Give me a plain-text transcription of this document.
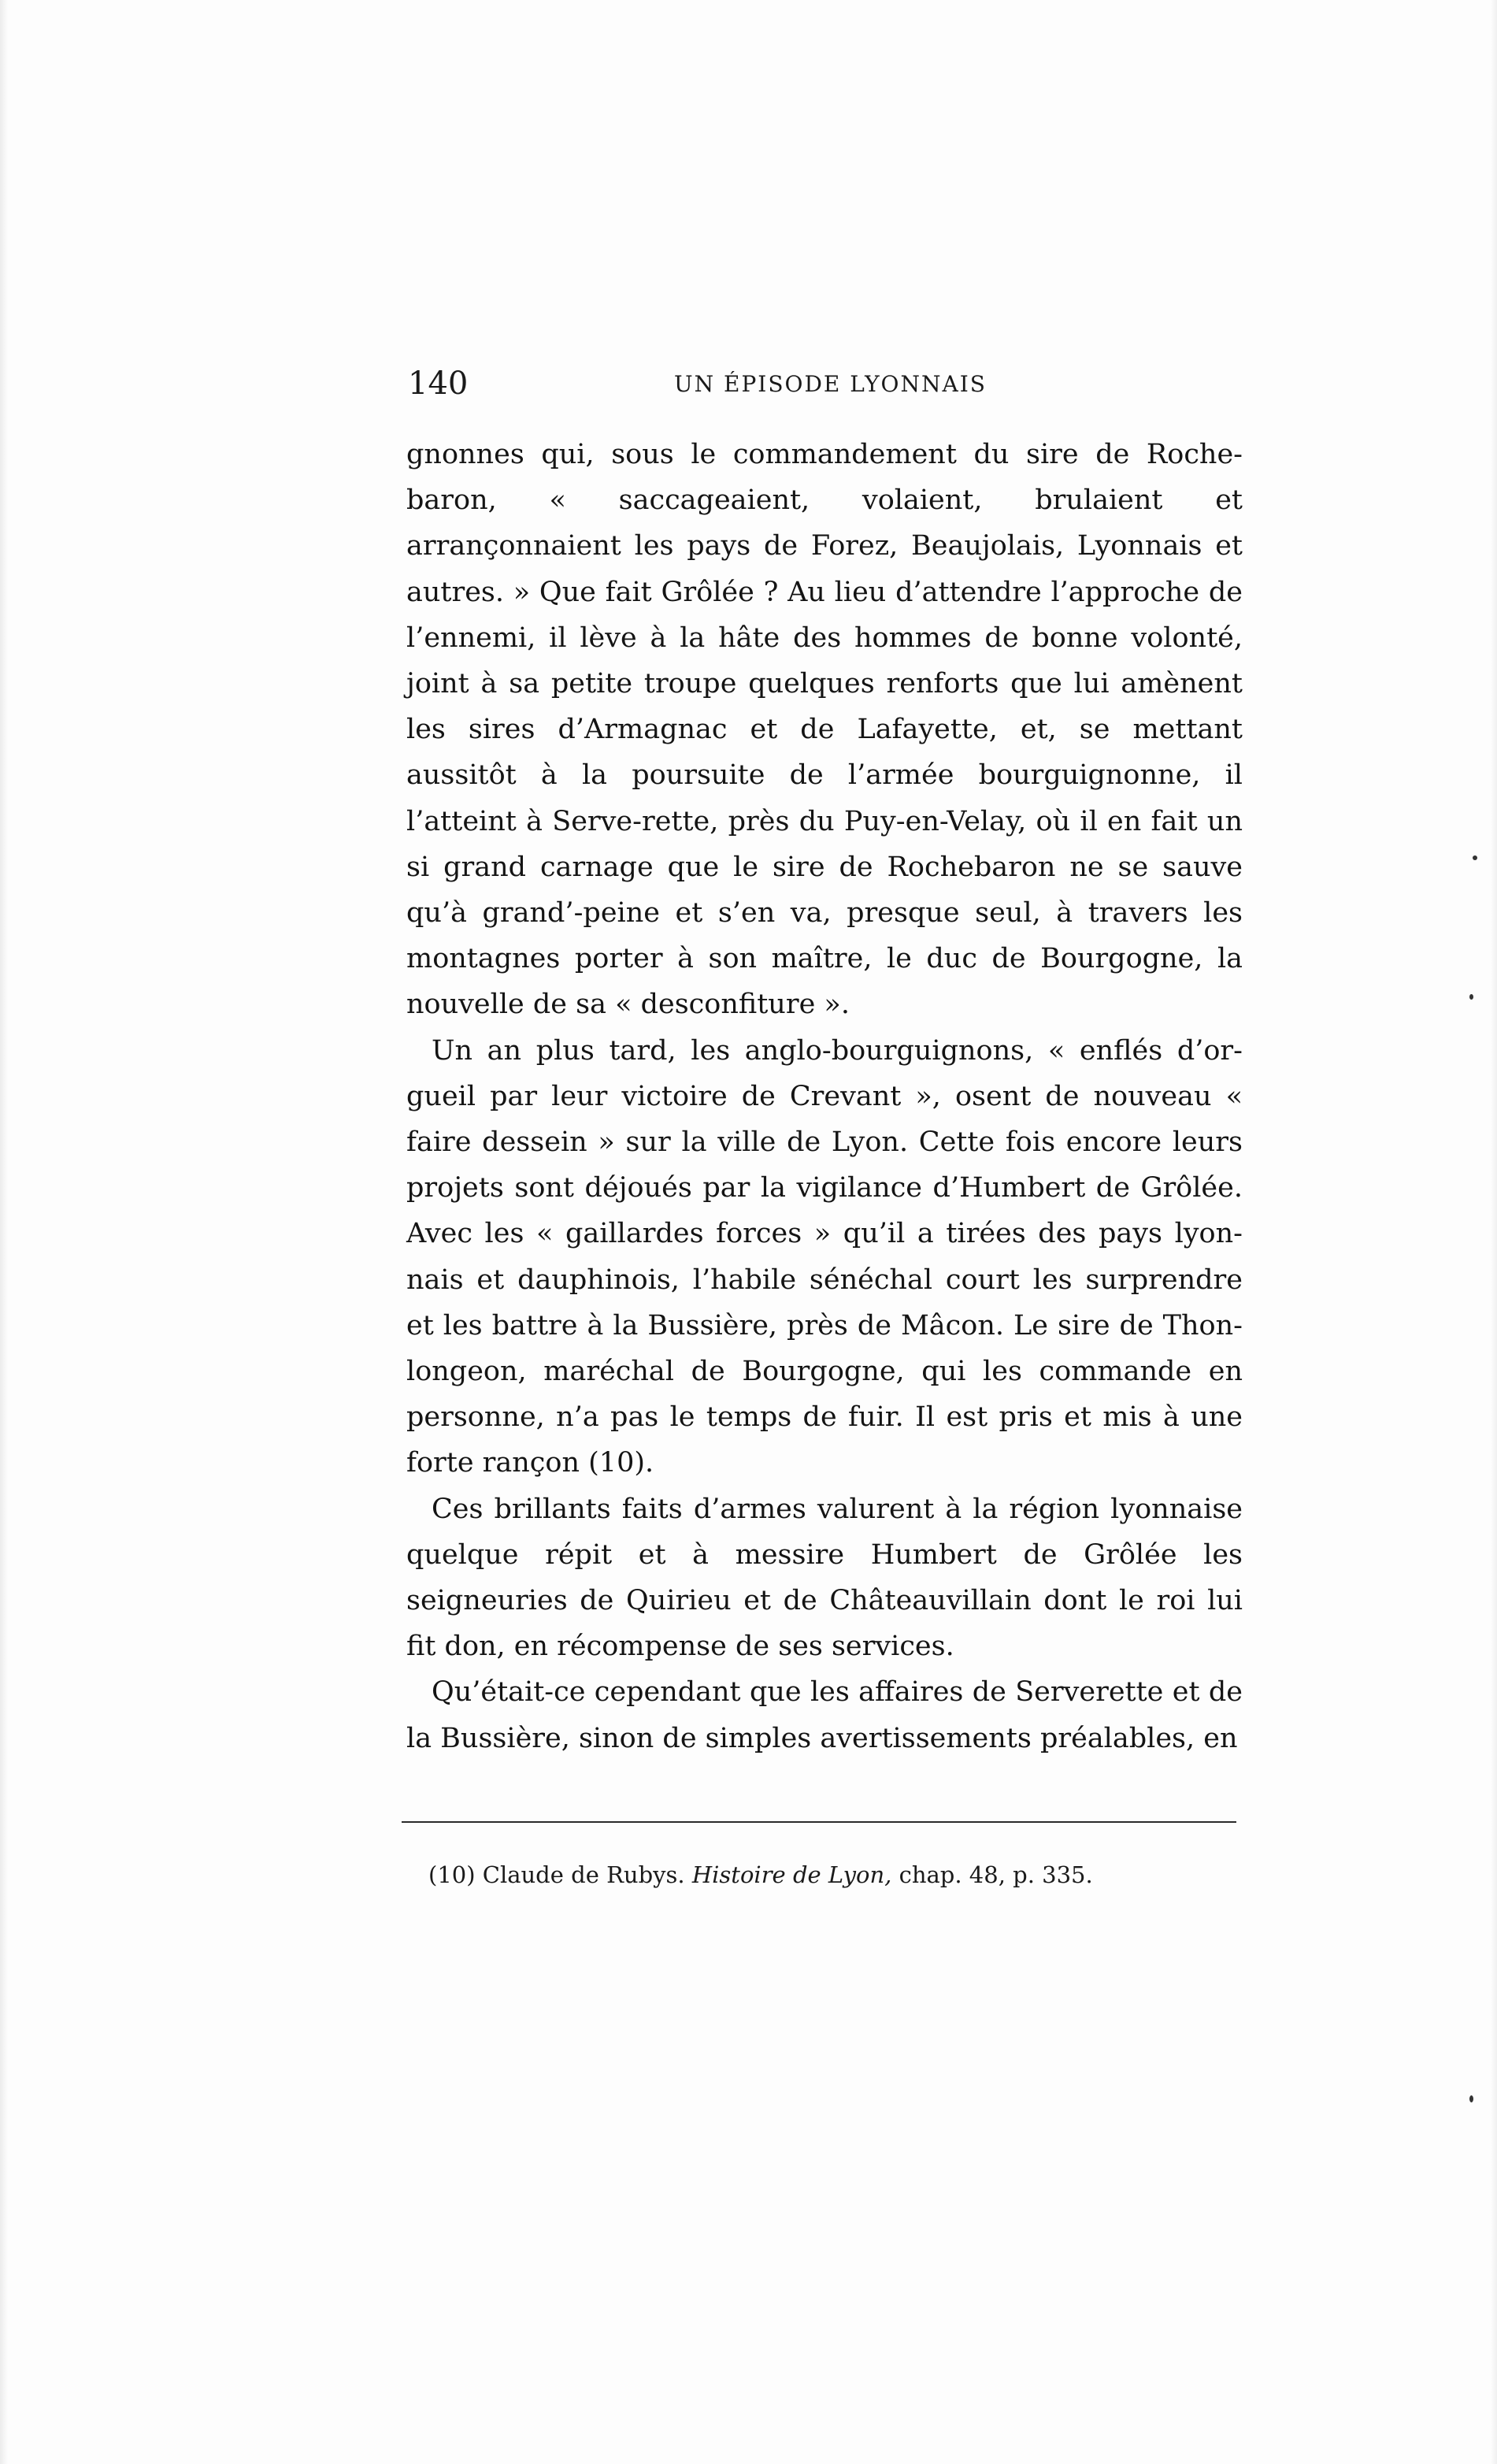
140	UN ÉPISODE LYONNAIS

gnonnes qui, sous le commandement du sire de Roche-baron, « saccageaient, volaient, brulaient et arrançonnaient les pays de Forez, Beaujolais, Lyonnais et autres. » Que fait Grôlée ? Au lieu d’attendre l’approche de l’ennemi, il lève à la hâte des hommes de bonne volonté, joint à sa petite troupe quelques renforts que lui amènent les sires d’Armagnac et de Lafayette, et, se mettant aussitôt à la poursuite de l’armée bourguignonne, il l’atteint à Serve-rette, près du Puy-en-Velay, où il en fait un si grand carnage que le sire de Rochebaron ne se sauve qu’à grand’-peine et s’en va, presque seul, à travers les montagnes porter à son maître, le duc de Bourgogne, la nouvelle de sa « desconfiture ».

Un an plus tard, les anglo-bourguignons, « enflés d’or-gueil par leur victoire de Crevant », osent de nouveau « faire dessein » sur la ville de Lyon. Cette fois encore leurs projets sont déjoués par la vigilance d’Humbert de Grôlée. Avec les « gaillardes forces » qu’il a tirées des pays lyon-nais et dauphinois, l’habile sénéchal court les surprendre et les battre à la Bussière, près de Mâcon. Le sire de Thon-longeon, maréchal de Bourgogne, qui les commande en personne, n’a pas le temps de fuir. Il est pris et mis à une forte rançon (10).

Ces brillants faits d’armes valurent à la région lyonnaise quelque répit et à messire Humbert de Grôlée les seigneuries de Quirieu et de Châteauvillain dont le roi lui fit don, en récompense de ses services.

Qu’était-ce cependant que les affaires de Serverette et de la Bussière, sinon de simples avertissements préalables, en

(10) Claude de Rubys. Histoire de Lyon, chap. 48, p. 335.
